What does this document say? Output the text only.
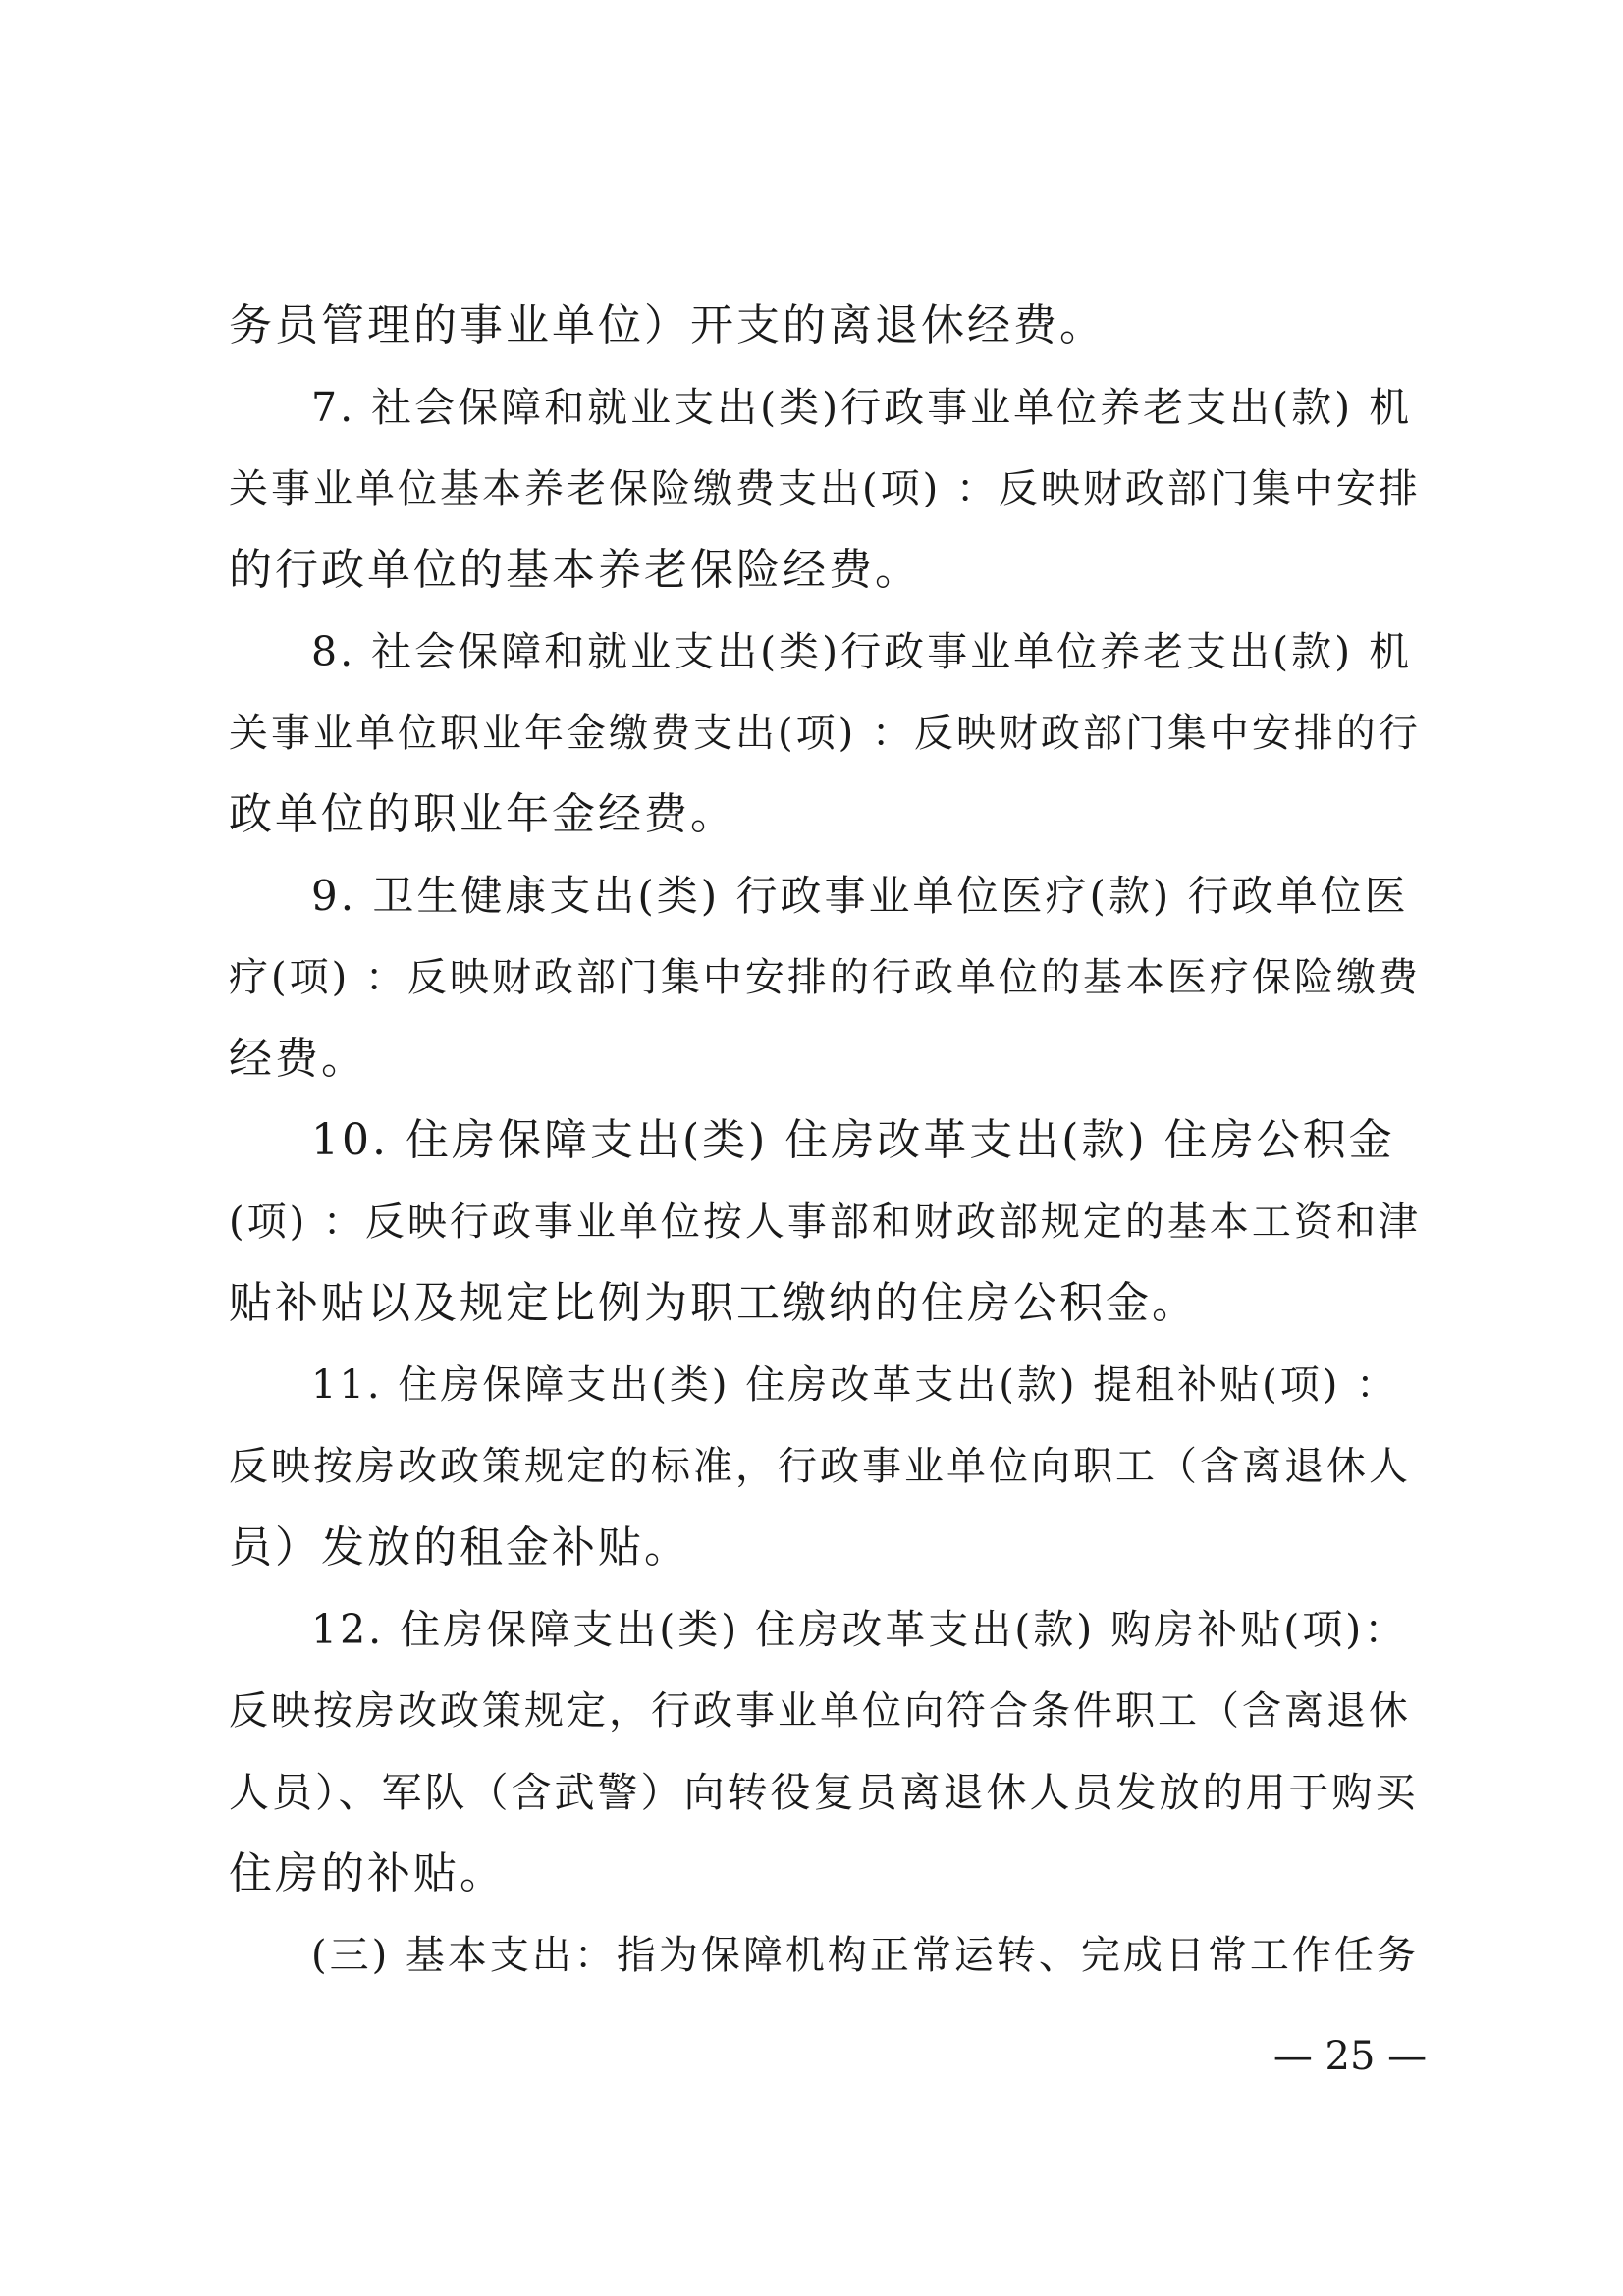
务员管理的事业单位）开支的离退休经费。
7. 社会保障和就业支出(类)行政事业单位养老支出(款) 机
关事业单位基本养老保险缴费支出(项) ：反映财政部门集中安排
的行政单位的基本养老保险经费。
8. 社会保障和就业支出(类)行政事业单位养老支出(款) 机
关事业单位职业年金缴费支出(项) ：反映财政部门集中安排的行
政单位的职业年金经费。
9. 卫生健康支出(类) 行政事业单位医疗(款) 行政单位医
疗(项) ：反映财政部门集中安排的行政单位的基本医疗保险缴费
经费。
10. 住房保障支出(类) 住房改革支出(款) 住房公积金
(项) ：反映行政事业单位按人事部和财政部规定的基本工资和津
贴补贴以及规定比例为职工缴纳的住房公积金。
11. 住房保障支出(类) 住房改革支出(款) 提租补贴(项) ：
反映按房改政策规定的标准，行政事业单位向职工（含离退休人
员）发放的租金补贴。
12. 住房保障支出(类) 住房改革支出(款) 购房补贴(项)：
反映按房改政策规定，行政事业单位向符合条件职工（含离退休
人员）、军队（含武警）向转役复员离退休人员发放的用于购买
住房的补贴。
(三) 基本支出：指为保障机构正常运转、完成日常工作任务
— 25 —
